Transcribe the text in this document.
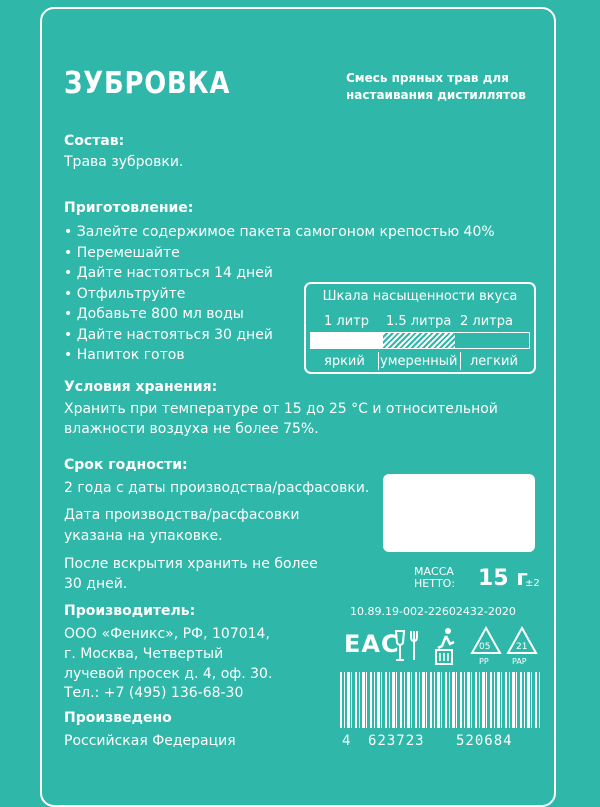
ЗУБРОВКА	Смесь пряных трав для
настаивания дистиллятов
Состав:
Трава зубровки.
Приготовление:
• Залейте содержимое пакета самогоном крепостью 40%
• Перемешайте
• Дайте настояться 14 дней
• Отфильтруйте
• Добавьте 800 мл воды
• Дайте настояться 30 дней
• Напиток готов
Шкала насыщенности вкуса
1 литр 1.5 литра 2 литра
яркий умеренный легкий
Условия хранения:
Хранить при температуре от 15 до 25 °С и относительной
влажности воздуха не более 75%.
Срок годности:
2 года с даты производства/расфасовки.
Дата производства/расфасовки
указана на упаковке.
После вскрытия хранить не более
30 дней.
МАССА
НЕТТО: 15 г
±2
Производитель:
ООО «Феникс», РФ, 107014,
г. Москва, Четвертый
лучевой просек д. 4, оф. 30.
Тел.: +7 (495) 136-68-30
Произведено
Российская Федерация
10.89.19-002-22602432-2020
EAC	05
PP
21
PAP
4 623723 520684
